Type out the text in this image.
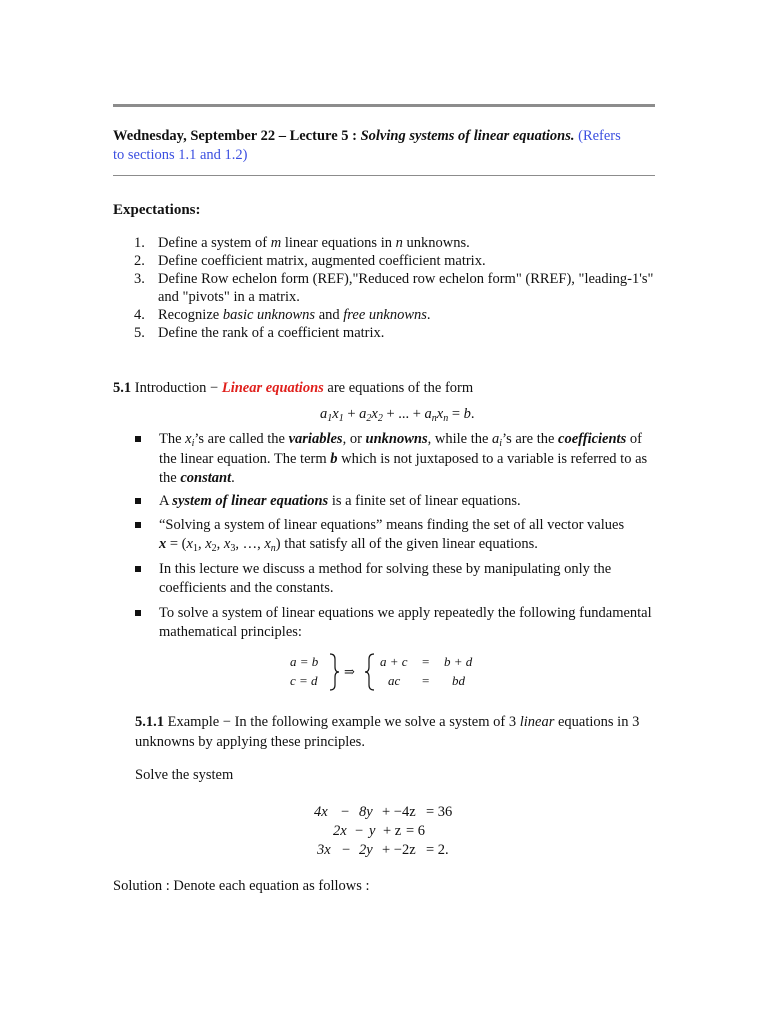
Wednesday, September 22 – Lecture 5 : Solving systems of linear equations. (Refers
to sections 1.1 and 1.2)
Expectations:
1. Define a system of m linear equations in n unknowns.
2. Define coefficient matrix, augmented coefficient matrix.
3. Define Row echelon form (REF),"Reduced row echelon form" (RREF), "leading-1's" and "pivots" in a matrix.
4. Recognize basic unknowns and free unknowns.
5. Define the rank of a coefficient matrix.
5.1 Introduction − Linear equations are equations of the form
$a_1x_1 + a_2x_2$ + ... + $a_nx_n = b$.
The $x_i’s$ are called the variables, or unknowns, while the $a_i’s$ are the coefficients of the linear equation. The term b which is not juxtaposed to a variable is referred to as the constant.
A system of linear equations is a finite set of linear equations.
“Solving a system of linear equations” means finding the set of all vector values
$x = (x_1$, $x_2$, $x_3$, …, $x_n$) that satisfy all of the given linear equations.
In this lecture we discuss a method for solving these by manipulating only the coefficients and the constants.
To solve a system of linear equations we apply repeatedly the following fundamental mathematical principles:
a = b
c = d
⇒
a + c = b + d
ac = bd
5.1.1 Example − In the following example we solve a system of 3 linear equations in 3 unknowns by applying these principles.
Solve the system
4x − 8y + −4z = 36
2x − y + z = 6
3x − 2y + −2z = 2.
Solution : Denote each equation as follows :
